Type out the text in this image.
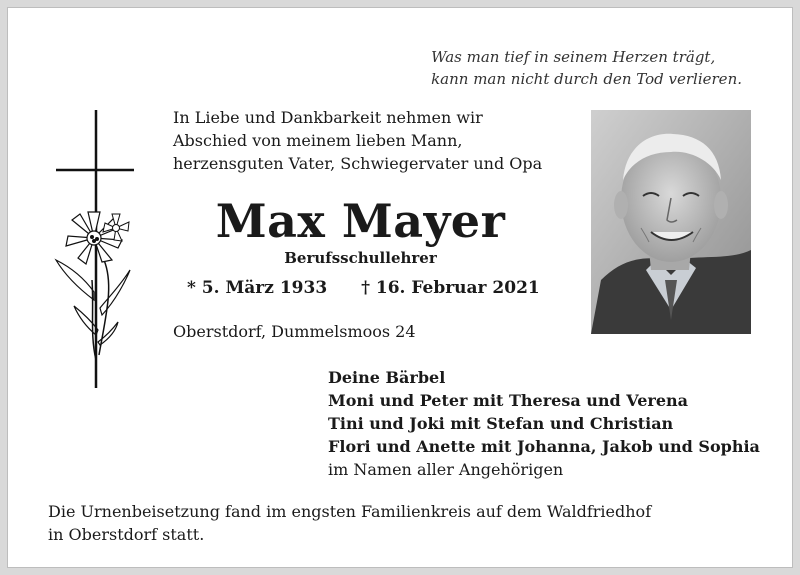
Was man tief in seinem Herzen trägt,
kann man nicht durch den Tod verlieren.
In Liebe und Dankbarkeit nehmen wir
Abschied von meinem lieben Mann,
herzensguten Vater, Schwiegervater und Opa
Max Mayer
Berufsschullehrer
* 5. März 1933 † 16. Februar 2021
Oberstdorf, Dummelsmoos 24
Deine Bärbel
Moni und Peter mit Theresa und Verena
Tini und Joki mit Stefan und Christian
Flori und Anette mit Johanna, Jakob und Sophia
im Namen aller Angehörigen
Die Urnenbeisetzung fand im engsten Familienkreis auf dem Waldfriedhof
in Oberstdorf statt.
